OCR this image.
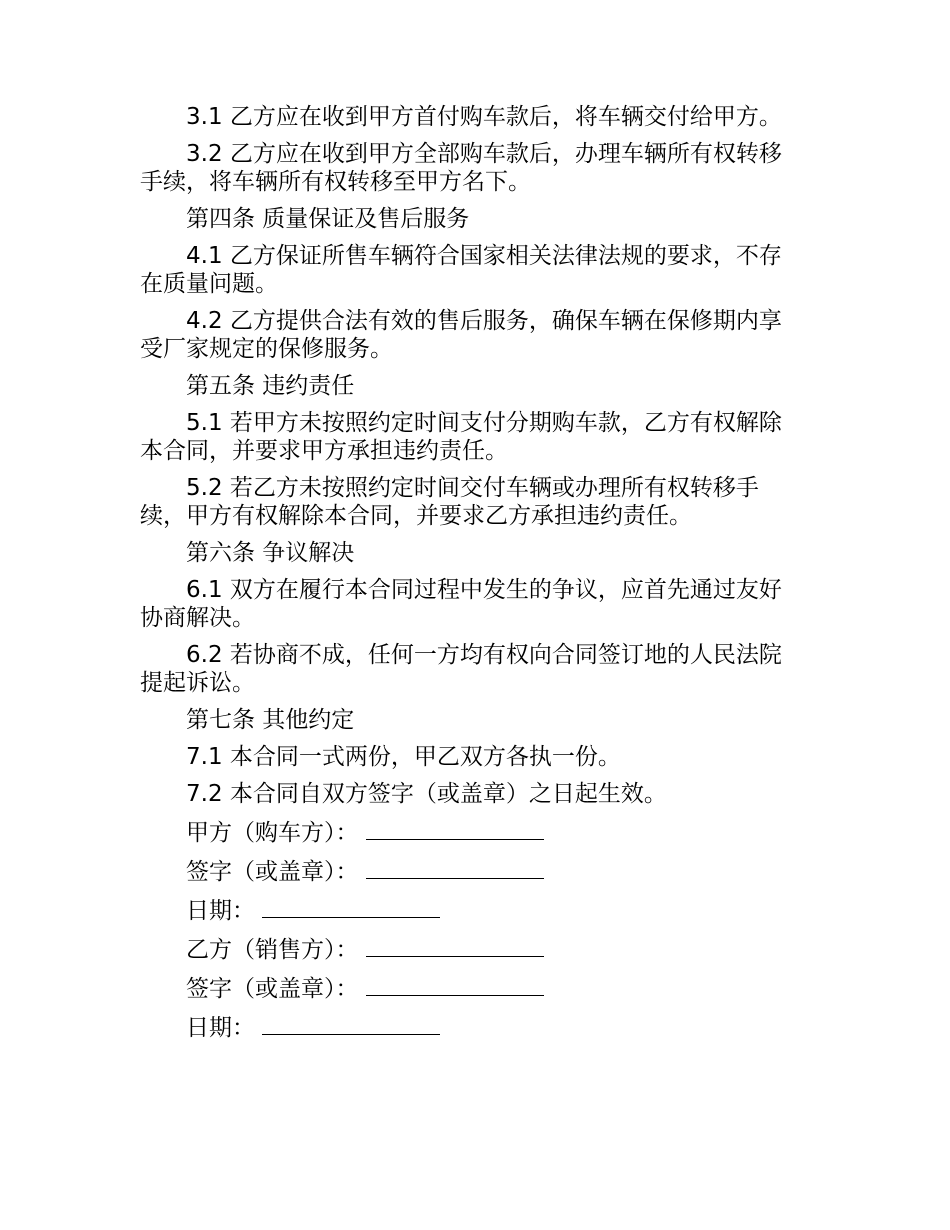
3.1 乙方应在收到甲方首付购车款后，将车辆交付给甲方。

3.2 乙方应在收到甲方全部购车款后，办理车辆所有权转移手续，将车辆所有权转移至甲方名下。

第四条 质量保证及售后服务

4.1 乙方保证所售车辆符合国家相关法律法规的要求，不存在质量问题。

4.2 乙方提供合法有效的售后服务，确保车辆在保修期内享受厂家规定的保修服务。

第五条 违约责任

5.1 若甲方未按照约定时间支付分期购车款，乙方有权解除本合同，并要求甲方承担违约责任。

5.2 若乙方未按照约定时间交付车辆或办理所有权转移手续，甲方有权解除本合同，并要求乙方承担违约责任。

第六条 争议解决

6.1 双方在履行本合同过程中发生的争议，应首先通过友好协商解决。

6.2 若协商不成，任何一方均有权向合同签订地的人民法院提起诉讼。

第七条 其他约定

7.1 本合同一式两份，甲乙双方各执一份。

7.2 本合同自双方签字（或盖章）之日起生效。

甲方（购车方）：
签字（或盖章）：
日期：
乙方（销售方）：
签字（或盖章）：
日期：
